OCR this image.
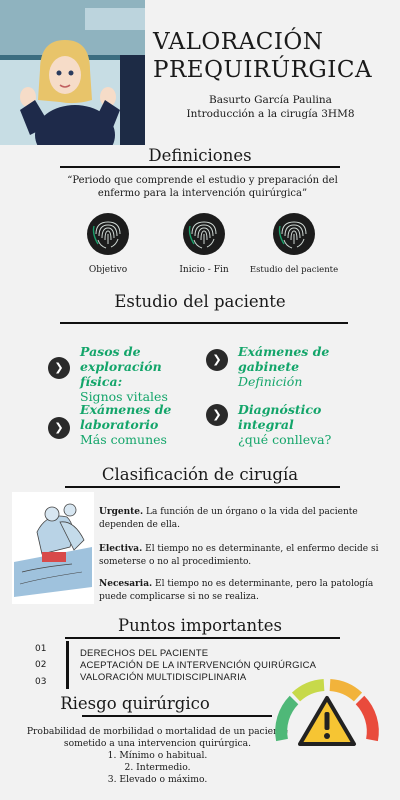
VALORACIÓN
PREQUIRÚRGICA
Basurto García Paulina
Introducción a la cirugía 3HM8
Definiciones
“Periodo que comprende el estudio y preparación del enfermo para la intervención quirúrgica”
Objetivo	Inicio - Fin	Estudio del paciente
Estudio del paciente
❯
Pasos de exploración física:
Signos vitales
❯
Exámenes de gabinete
Definición
❯
Exámenes de laboratorio
Más comunes
❯	Diagnóstico integral
¿qué conlleva?
Clasificación de cirugía
Urgente. La función de un órgano o la vida del paciente dependen de ella.
Electiva. El tiempo no es determinante, el enfermo decide si someterse o no al procedimiento.
Necesaria. El tiempo no es determinante, pero la patología puede complicarse si no se realiza.
Puntos importantes
01	DERECHOS DEL PACIENTE
02	ACEPTACIÓN DE LA INTERVENCIÓN QUIRÚRGICA
03	VALORACIÓN MULTIDISCIPLINARIA
Riesgo quirúrgico
Probabilidad de morbilidad o mortalidad de un paciente sometido a una intervencion quirúrgica.
1. Mínimo o habitual.
2. Intermedio.
3. Elevado o máximo.
